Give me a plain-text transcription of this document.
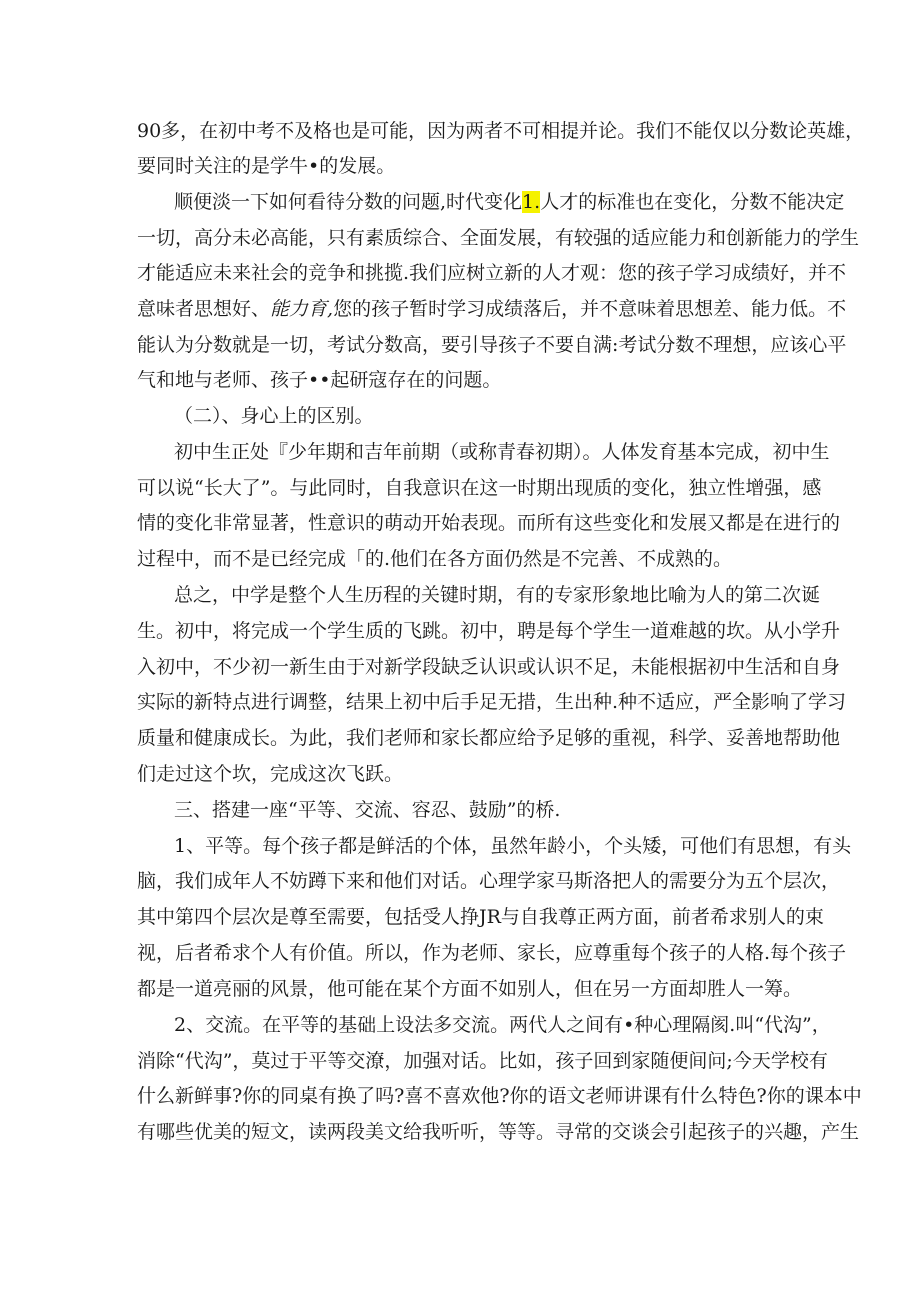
90多，在初中考不及格也是可能，因为两者不可相提并论。我们不能仅以分数论英雄，
要同时关注的是学牛•的发展。
顺便淡一下如何看待分数的问题,时代变化1.人才的标准也在变化，分数不能决定
一切，高分未必高能，只有素质综合、全面发展，有较强的适应能力和创新能力的学生
才能适应未来社会的竞争和挑揽.我们应树立新的人才观：您的孩子学习成绩好，并不
意味者思想好、能力育,您的孩子暂时学习成绩落后，并不意味着思想差、能力低。不
能认为分数就是一切，考试分数高，要引导孩子不要自满:考试分数不理想，应该心平
气和地与老师、孩子••起研寇存在的问题。
（二）、身心上的区别。
初中生正处『少年期和吉年前期（或称青春初期）。人体发育基本完成，初中生
可以说“长大了”。与此同时，自我意识在这一时期出现质的变化，独立性增强，感
情的变化非常显著，性意识的萌动开始表现。而所有这些变化和发展又都是在进行的
过程中，而不是已经完成「的.他们在各方面仍然是不完善、不成熟的。
总之，中学是整个人生历程的关键时期，有的专家形象地比喻为人的第二次诞
生。初中，将完成一个学生质的飞跳。初中，聘是每个学生一道难越的坎。从小学升
入初中，不少初一新生由于对新学段缺乏认识或认识不足，未能根据初中生活和自身
实际的新特点进行调整，结果上初中后手足无措，生出种.种不适应，严全影响了学习
质量和健康成长。为此，我们老师和家长都应给予足够的重视，科学、妥善地帮助他
们走过这个坎，完成这次飞跃。
三、搭建一座“平等、交流、容忍、鼓励”的桥.
1、平等。每个孩子都是鲜活的个体，虽然年龄小，个头矮，可他们有思想，有头
脑，我们成年人不妨蹲下来和他们对话。心理学家马斯洛把人的需要分为五个层次，
其中第四个层次是尊至需要，包括受人挣JR与自我尊正两方面，前者希求别人的束
视，后者希求个人有价值。所以，作为老师、家长，应尊重每个孩子的人格.每个孩子
都是一道亮丽的风景，他可能在某个方面不如别人，但在另一方面却胜人一筹。
2、交流。在平等的基础上设法多交流。两代人之间有•种心理隔阂.叫“代沟”，
消除“代沟”，莫过于平等交潦，加强对话。比如，孩子回到家随便间问;今天学校有
什么新鲜事?你的同桌有换了吗?喜不喜欢他?你的语文老师讲课有什么特色?你的课本中
有哪些优美的短文，读两段美文给我听听，等等。寻常的交谈会引起孩子的兴趣，产生
